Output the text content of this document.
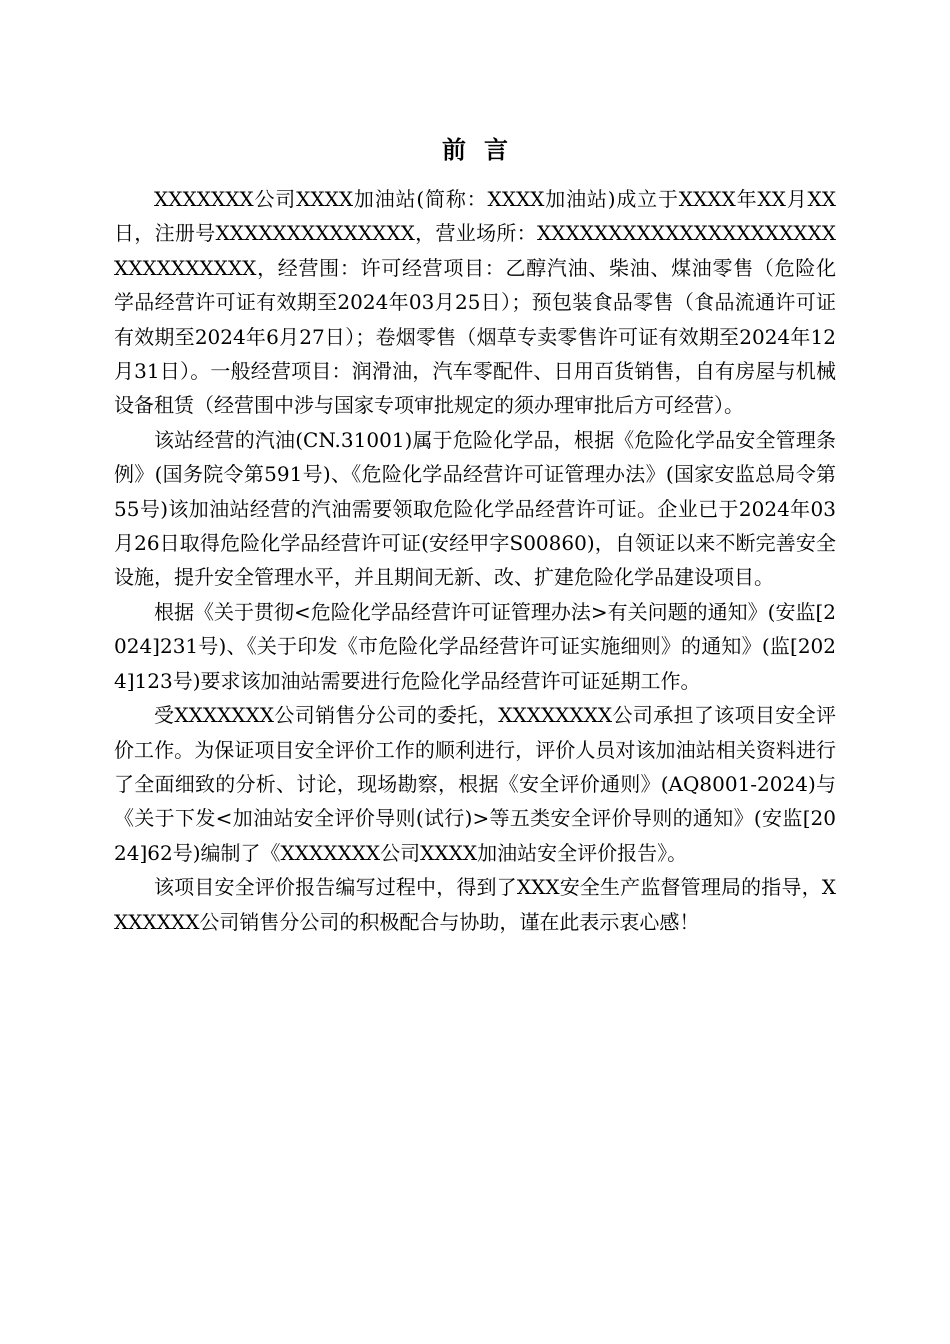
前言

XXXXXXX公司XXXX加油站(简称：XXXX加油站)成立于XXXX年XX月XX日，注册号XXXXXXXXXXXXXX，营业场所：XXXXXXXXXXXXXXXXXXXXXXXXXXXXXXX，经营围：许可经营项目：乙醇汽油、柴油、煤油零售（危险化学品经营许可证有效期至2024年03月25日）；预包装食品零售（食品流通许可证有效期至2024年6月27日）；卷烟零售（烟草专卖零售许可证有效期至2024年12月31日）。一般经营项目：润滑油，汽车零配件、日用百货销售，自有房屋与机械设备租赁（经营围中涉与国家专项审批规定的须办理审批后方可经营）。

该站经营的汽油(CN.31001)属于危险化学品，根据《危险化学品安全管理条例》(国务院令第591号)、《危险化学品经营许可证管理办法》(国家安监总局令第55号)该加油站经营的汽油需要领取危险化学品经营许可证。企业已于2024年03月26日取得危险化学品经营许可证(安经甲字S00860)，自领证以来不断完善安全设施，提升安全管理水平，并且期间无新、改、扩建危险化学品建设项目。

根据《关于贯彻<危险化学品经营许可证管理办法>有关问题的通知》(安监[2024]231号)、《关于印发《市危险化学品经营许可证实施细则》的通知》(监[2024]123号)要求该加油站需要进行危险化学品经营许可证延期工作。

受XXXXXXX公司销售分公司的委托，XXXXXXXX公司承担了该项目安全评价工作。为保证项目安全评价工作的顺利进行，评价人员对该加油站相关资料进行了全面细致的分析、讨论，现场勘察，根据《安全评价通则》(AQ8001-2024)与《关于下发<加油站安全评价导则(试行)>等五类安全评价导则的通知》(安监[2024]62号)编制了《XXXXXXX公司XXXX加油站安全评价报告》。

该项目安全评价报告编写过程中，得到了XXX安全生产监督管理局的指导，XXXXXXX公司销售分公司的积极配合与协助，谨在此表示衷心感！
